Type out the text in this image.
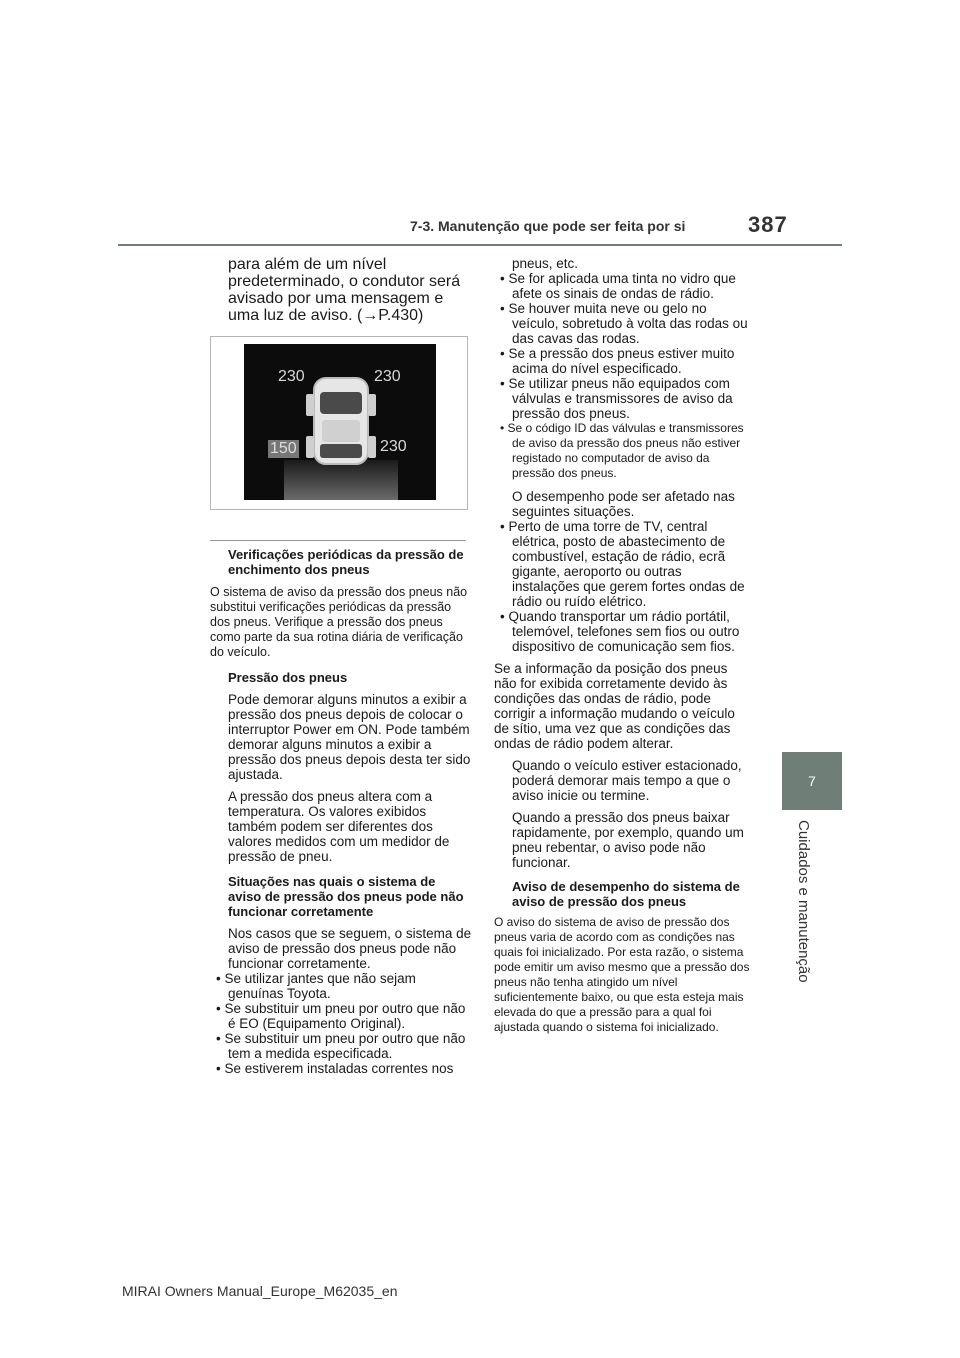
7-3. Manutenção que pode ser feita por si	387
7
Cuidados e manutenção

para além de um nível predeterminado, o condutor será avisado por uma mensagem e uma luz de aviso. (→P.430)

230	230
150	230

Verificações periódicas da pressão de enchimento dos pneus

O sistema de aviso da pressão dos pneus não substitui verificações periódicas da pressão dos pneus. Verifique a pressão dos pneus como parte da sua rotina diária de verificação do veículo.

Pressão dos pneus

Pode demorar alguns minutos a exibir a pressão dos pneus depois de colocar o interruptor Power em ON. Pode também demorar alguns minutos a exibir a pressão dos pneus depois desta ter sido ajustada.

A pressão dos pneus altera com a temperatura. Os valores exibidos também podem ser diferentes dos valores medidos com um medidor de pressão de pneu.

Situações nas quais o sistema de aviso de pressão dos pneus pode não funcionar corretamente

Nos casos que se seguem, o sistema de aviso de pressão dos pneus pode não funcionar corretamente.

• Se utilizar jantes que não sejam genuínas Toyota.

• Se substituir um pneu por outro que não é EO (Equipamento Original).

• Se substituir um pneu por outro que não tem a medida especificada.

• Se estiverem instaladas correntes nos

pneus, etc.

• Se for aplicada uma tinta no vidro que afete os sinais de ondas de rádio.

• Se houver muita neve ou gelo no veículo, sobretudo à volta das rodas ou das cavas das rodas.

• Se a pressão dos pneus estiver muito acima do nível especificado.

• Se utilizar pneus não equipados com válvulas e transmissores de aviso da pressão dos pneus.

• Se o código ID das válvulas e transmissores de aviso da pressão dos pneus não estiver registado no computador de aviso da pressão dos pneus.

O desempenho pode ser afetado nas seguintes situações.

• Perto de uma torre de TV, central elétrica, posto de abastecimento de combustível, estação de rádio, ecrã gigante, aeroporto ou outras instalações que gerem fortes ondas de rádio ou ruído elétrico.

• Quando transportar um rádio portátil, telemóvel, telefones sem fios ou outro dispositivo de comunicação sem fios.

Se a informação da posição dos pneus não for exibida corretamente devido às condições das ondas de rádio, pode corrigir a informação mudando o veículo de sítio, uma vez que as condições das ondas de rádio podem alterar.

Quando o veículo estiver estacionado, poderá demorar mais tempo a que o aviso inicie ou termine.

Quando a pressão dos pneus baixar rapidamente, por exemplo, quando um pneu rebentar, o aviso pode não funcionar.

Aviso de desempenho do sistema de aviso de pressão dos pneus

O aviso do sistema de aviso de pressão dos pneus varia de acordo com as condições nas quais foi inicializado. Por esta razão, o sistema pode emitir um aviso mesmo que a pressão dos pneus não tenha atingido um nível suficientemente baixo, ou que esta esteja mais elevada do que a pressão para a qual foi ajustada quando o sistema foi inicializado.

MIRAI Owners Manual_Europe_M62035_en
